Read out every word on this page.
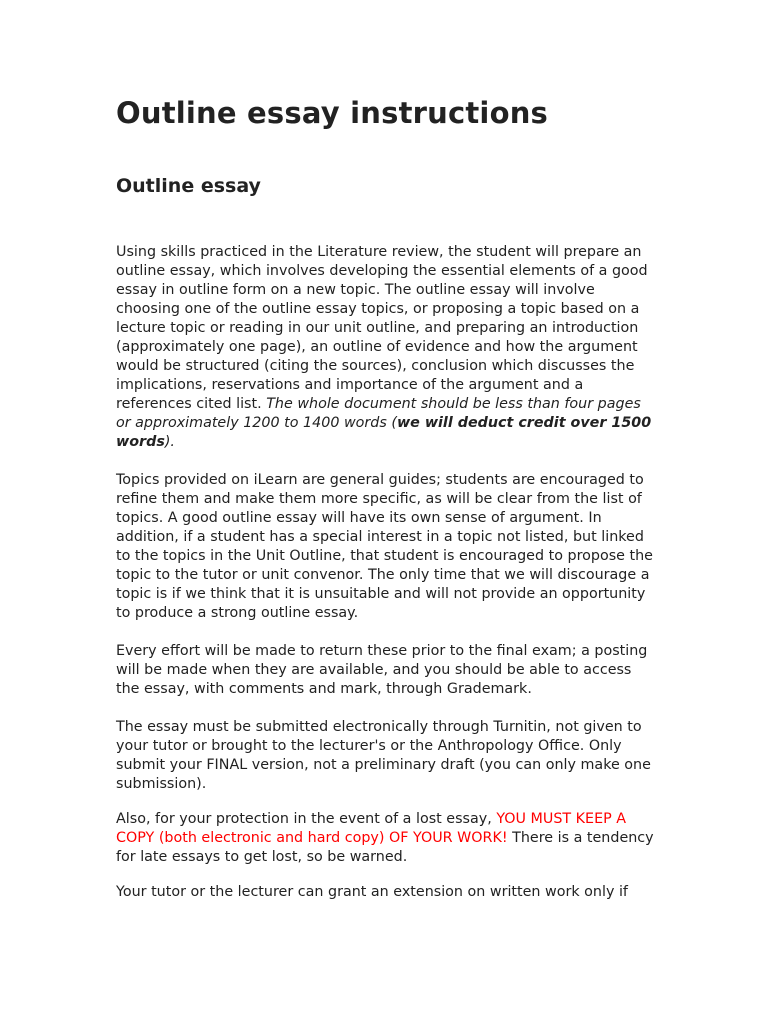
Outline essay instructions
Outline essay

Using skills practiced in the Literature review, the student will prepare an outline essay, which involves developing the essential elements of a good essay in outline form on a new topic. The outline essay will involve choosing one of the outline essay topics, or proposing a topic based on a lecture topic or reading in our unit outline, and preparing an introduction (approximately one page), an outline of evidence and how the argument would be structured (citing the sources), conclusion which discusses the implications, reservations and importance of the argument and a references cited list. The whole document should be less than four pages or approximately 1200 to 1400 words (we will deduct credit over 1500 words).

Topics provided on iLearn are general guides; students are encouraged to refine them and make them more specific, as will be clear from the list of topics. A good outline essay will have its own sense of argument. In addition, if a student has a special interest in a topic not listed, but linked to the topics in the Unit Outline, that student is encouraged to propose the topic to the tutor or unit convenor. The only time that we will discourage a topic is if we think that it is unsuitable and will not provide an opportunity to produce a strong outline essay.

Every effort will be made to return these prior to the final exam; a posting will be made when they are available, and you should be able to access the essay, with comments and mark, through Grademark.

The essay must be submitted electronically through Turnitin, not given to your tutor or brought to the lecturer's or the Anthropology Office. Only submit your FINAL version, not a preliminary draft (you can only make one submission).

Also, for your protection in the event of a lost essay, YOU MUST KEEP A COPY (both electronic and hard copy) OF YOUR WORK! There is a tendency for late essays to get lost, so be warned.

Your tutor or the lecturer can grant an extension on written work only if
